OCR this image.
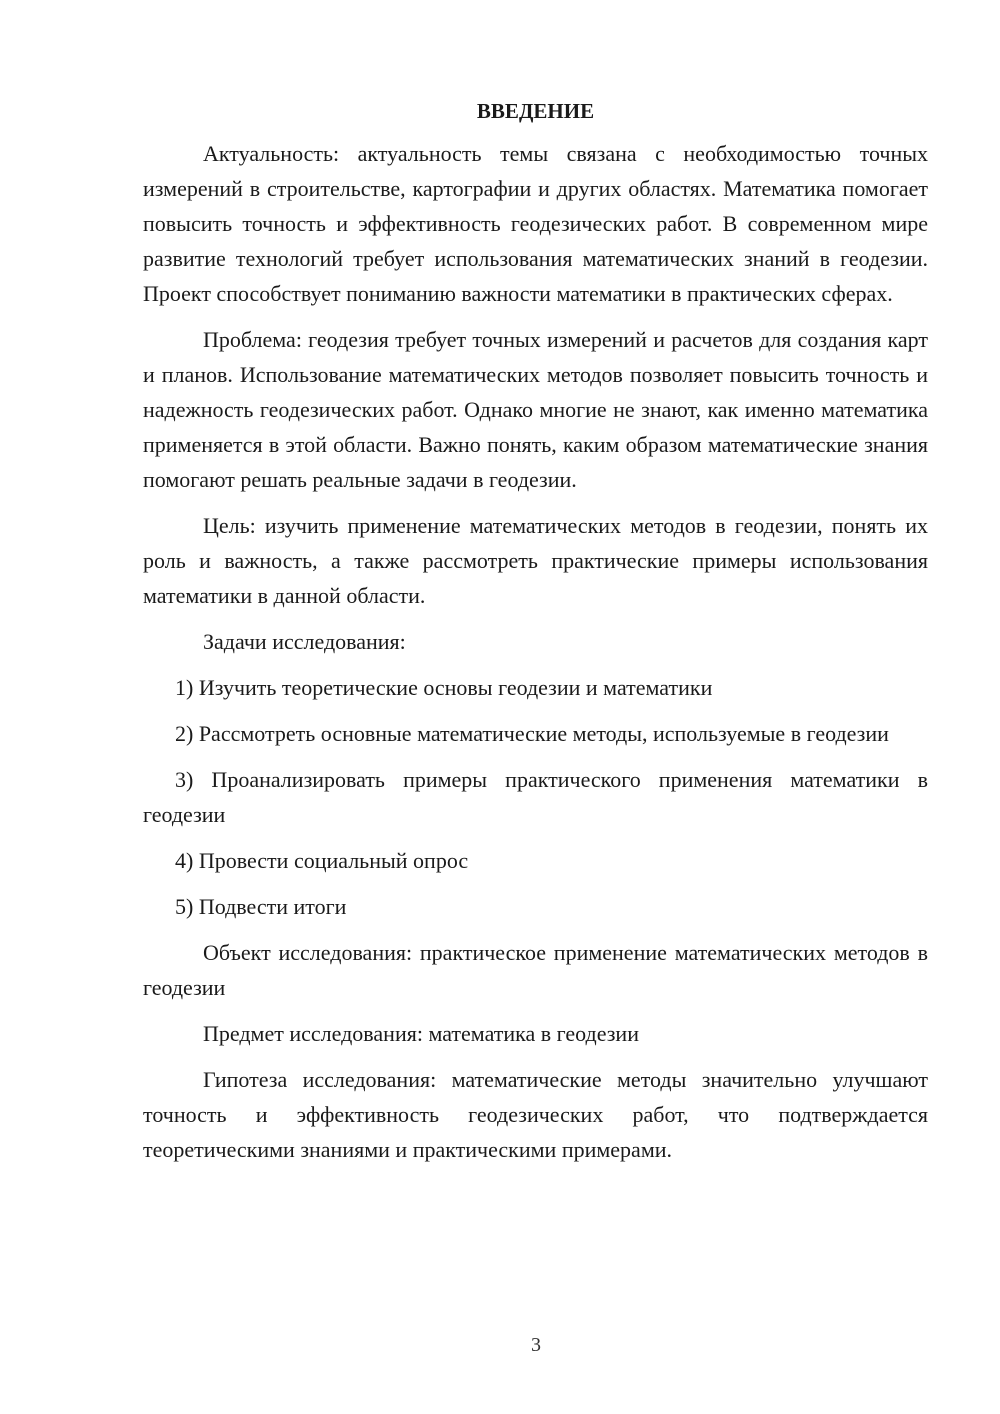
ВВЕДЕНИЕ

Актуальность: актуальность темы связана с необходимостью точных измерений в строительстве, картографии и других областях. Математика помогает повысить точность и эффективность геодезических работ. В современном мире развитие технологий требует использования математических знаний в геодезии. Проект способствует пониманию важности математики в практических сферах.

Проблема: геодезия требует точных измерений и расчетов для создания карт и планов. Использование математических методов позволяет повысить точность и надежность геодезических работ. Однако многие не знают, как именно математика применяется в этой области. Важно понять, каким образом математические знания помогают решать реальные задачи в геодезии.

Цель: изучить применение математических методов в геодезии, понять их роль и важность, а также рассмотреть практические примеры использования математики в данной области.

Задачи исследования:

1) Изучить теоретические основы геодезии и математики

2) Рассмотреть основные математические методы, используемые в геодезии

3) Проанализировать примеры практического применения математики в геодезии

4) Провести социальный опрос

5) Подвести итоги

Объект исследования: практическое применение математических методов в геодезии

Предмет исследования: математика в геодезии

Гипотеза исследования: математические методы значительно улучшают точность и эффективность геодезических работ, что подтверждается теоретическими знаниями и практическими примерами.

3
